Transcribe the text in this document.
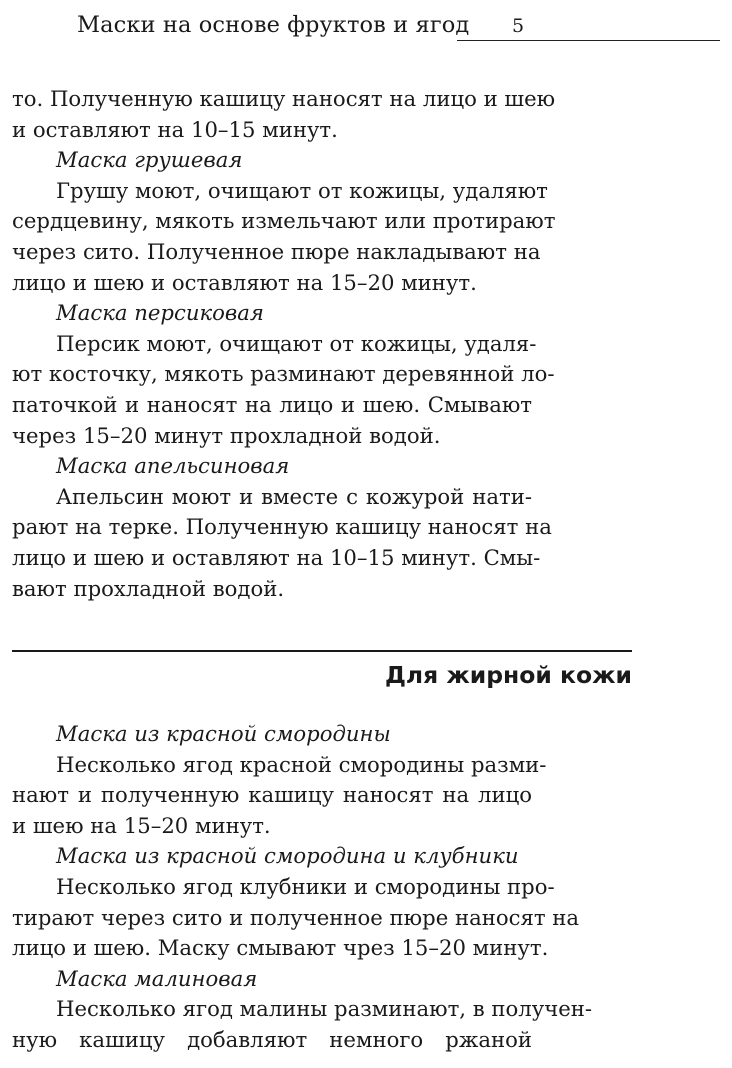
Маски на основе фруктов и ягод 5
то. Полученную кашицу наносят на лицо и шею
и оставляют на 10–15 минут.
Маска грушевая
Грушу моют, очищают от кожицы, удаляют
сердцевину, мякоть измельчают или протирают
через сито. Полученное пюре накладывают на
лицо и шею и оставляют на 15–20 минут.
Маска персиковая
Персик моют, очищают от кожицы, удаля-
ют косточку, мякоть разминают деревянной ло-
паточкой и наносят на лицо и шею. Смывают
через 15–20 минут прохладной водой.
Маска апельсиновая
Апельсин моют и вместе с кожурой нати-
рают на терке. Полученную кашицу наносят на
лицо и шею и оставляют на 10–15 минут. Смы-
вают прохладной водой.
Для жирной кожи
Маска из красной смородины
Несколько ягод красной смородины разми-
нают и полученную кашицу наносят на лицо
и шею на 15–20 минут.
Маска из красной смородина и клубники
Несколько ягод клубники и смородины про-
тирают через сито и полученное пюре наносят на
лицо и шею. Маску смывают чрез 15–20 минут.
Маска малиновая
Несколько ягод малины разминают, в получен-
ную кашицу добавляют немного ржаной
